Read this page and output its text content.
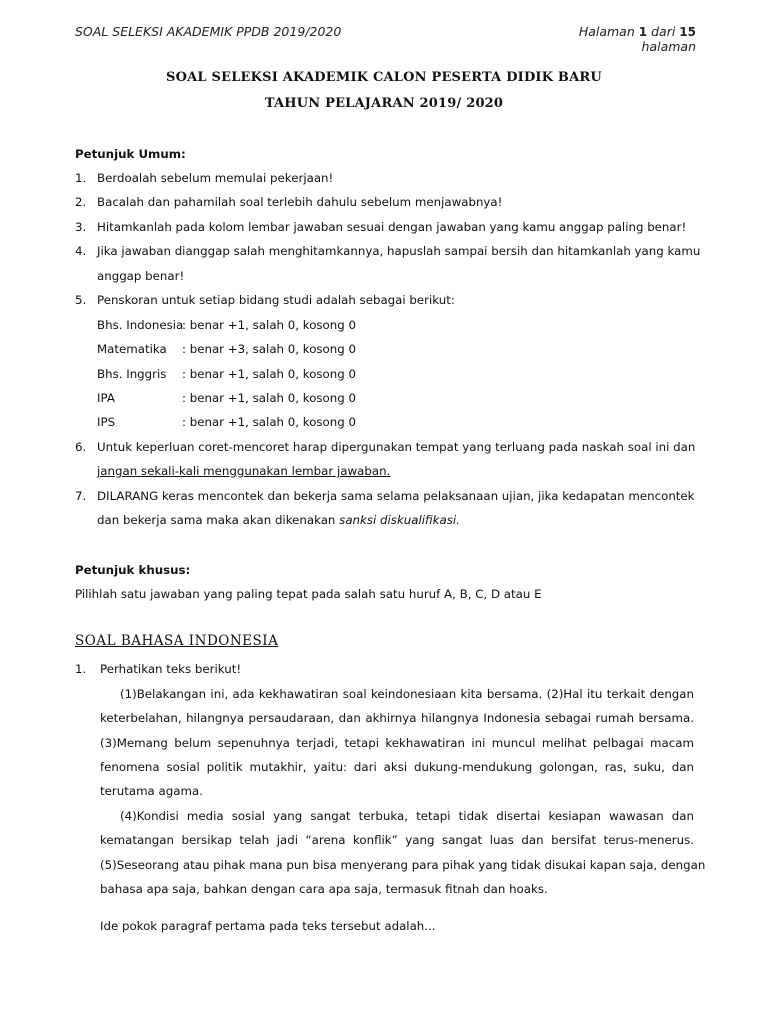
SOAL SELEKSI AKADEMIK PPDB 2019/2020	Halaman 1 dari 15 halaman
SOAL SELEKSI AKADEMIK CALON PESERTA DIDIK BARU
TAHUN PELAJARAN 2019/ 2020
Petunjuk Umum:
1. Berdoalah sebelum memulai pekerjaan!
2. Bacalah dan pahamilah soal terlebih dahulu sebelum menjawabnya!
3. Hitamkanlah pada kolom lembar jawaban sesuai dengan jawaban yang kamu anggap paling benar!
4. Jika jawaban dianggap salah menghitamkannya, hapuslah sampai bersih dan hitamkanlah yang kamu
anggap benar!
5. Penskoran untuk setiap bidang studi adalah sebagai berikut:
Bhs. Indonesia: benar +1, salah 0, kosong 0
Matematika : benar +3, salah 0, kosong 0
Bhs. Inggris : benar +1, salah 0, kosong 0
IPA	: benar +1, salah 0, kosong 0
IPS	: benar +1, salah 0, kosong 0
6. Untuk keperluan coret-mencoret harap dipergunakan tempat yang terluang pada naskah soal ini dan
jangan sekali-kali menggunakan lembar jawaban.
7. DILARANG keras mencontek dan bekerja sama selama pelaksanaan ujian, jika kedapatan mencontek
dan bekerja sama maka akan dikenakan sanksi diskualifikasi.
Petunjuk khusus:
Pilihlah satu jawaban yang paling tepat pada salah satu huruf A, B, C, D atau E
SOAL BAHASA INDONESIA
1. Perhatikan teks berikut!
(1)Belakangan ini, ada kekhawatiran soal keindonesiaan kita bersama. (2)Hal itu terkait dengan
keterbelahan, hilangnya persaudaraan, dan akhirnya hilangnya Indonesia sebagai rumah bersama.
(3)Memang belum sepenuhnya terjadi, tetapi kekhawatiran ini muncul melihat pelbagai macam
fenomena sosial politik mutakhir, yaitu: dari aksi dukung-mendukung golongan, ras, suku, dan
terutama agama.
(4)Kondisi media sosial yang sangat terbuka, tetapi tidak disertai kesiapan wawasan dan
kematangan bersikap telah jadi “arena konflik” yang sangat luas dan bersifat terus-menerus.
(5)Seseorang atau pihak mana pun bisa menyerang para pihak yang tidak disukai kapan saja, dengan
bahasa apa saja, bahkan dengan cara apa saja, termasuk fitnah dan hoaks.
Ide pokok paragraf pertama pada teks tersebut adalah...
